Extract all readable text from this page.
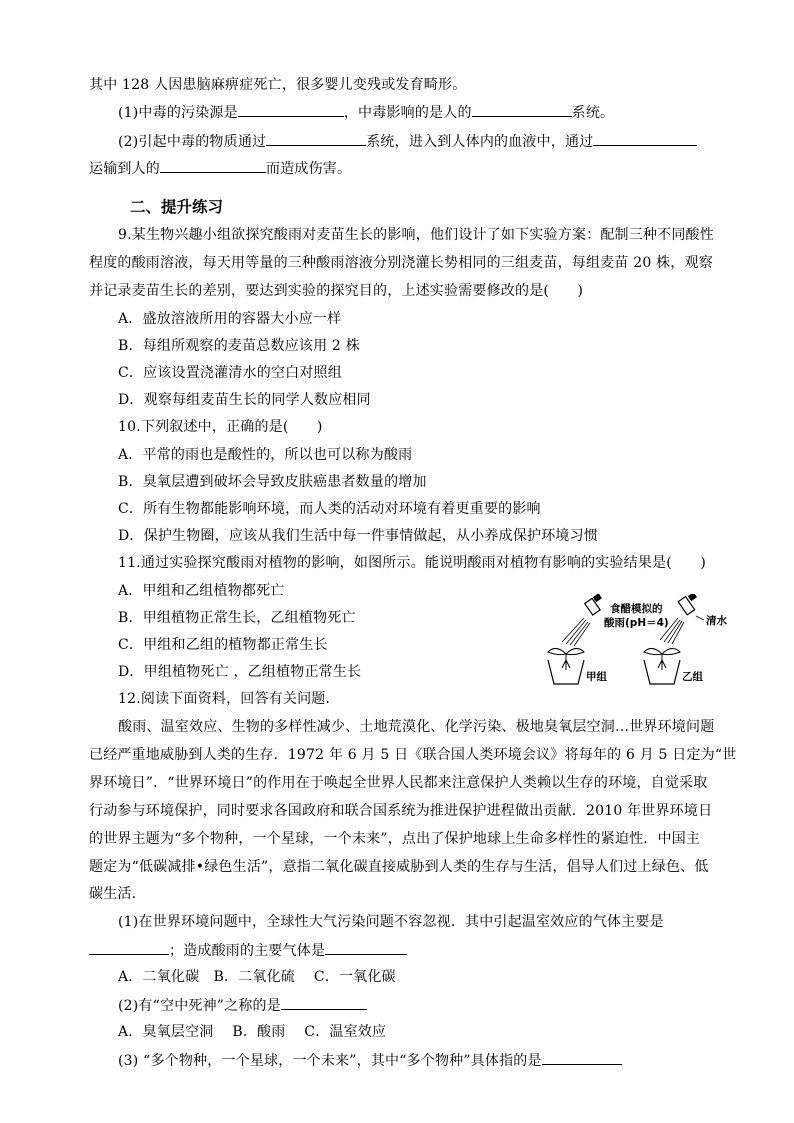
其中 128 人因患脑麻痹症死亡，很多婴儿变残或发育畸形。
(1)中毒的污染源是	，中毒影响的是人的	系统。
(2)引起中毒的物质通过	系统，进入到人体内的血液中，通过
运输到人的	而造成伤害。
二、提升练习
9.某生物兴趣小组欲探究酸雨对麦苗生长的影响，他们设计了如下实验方案：配制三种不同酸性
程度的酸雨溶液，每天用等量的三种酸雨溶液分别浇灌长势相同的三组麦苗，每组麦苗 20 株，观察
并记录麦苗生长的差别，要达到实验的探究目的，上述实验需要修改的是(　　)
A．盛放溶液所用的容器大小应一样
B．每组所观察的麦苗总数应该用 2 株
C．应该设置浇灌清水的空白对照组
D．观察每组麦苗生长的同学人数应相同
10.下列叙述中，正确的是(　　)
A．平常的雨也是酸性的，所以也可以称为酸雨
B．臭氧层遭到破坏会导致皮肤癌患者数量的增加
C．所有生物都能影响环境，而人类的活动对环境有着更重要的影响
D．保护生物圈，应该从我们生活中每一件事情做起，从小养成保护环境习惯
11.通过实验探究酸雨对植物的影响，如图所示。能说明酸雨对植物有影响的实验结果是(　　)
A．甲组和乙组植物都死亡
B．甲组植物正常生长，乙组植物死亡
C．甲组和乙组的植物都正常生长
D．甲组植物死亡 ，乙组植物正常生长
食醋模拟的
酸雨(pH＝4)	清水
甲组	乙组
12.阅读下面资料，回答有关问题．
酸雨、温室效应、生物的多样性减少、土地荒漠化、化学污染、极地臭氧层空洞…世界环境问题
已经严重地威胁到人类的生存．1972 年 6 月 5 日《联合国人类环境会议》将每年的 6 月 5 日定为“世
界环境日”．“世界环境日”的作用在于唤起全世界人民都来注意保护人类赖以生存的环境，自觉采取
行动参与环境保护，同时要求各国政府和联合国系统为推进保护进程做出贡献．2010 年世界环境日
的世界主题为“多个物种，一个星球，一个未来”，点出了保护地球上生命多样性的紧迫性．中国主
题定为“低碳减排•绿色生活”，意指二氧化碳直接威胁到人类的生存与生活，倡导人们过上绿色、低
碳生活．
(1)在世界环境问题中，全球性大气污染问题不容忽视．其中引起温室效应的气体主要是
；造成酸雨的主要气体是
A．二氧化碳　B．二氧化硫　 C．一氧化碳
(2)有“空中死神”之称的是
A．臭氧层空洞　 B．酸雨　 C．温室效应
(3) “多个物种，一个星球，一个未来”，其中“多个物种”具体指的是
